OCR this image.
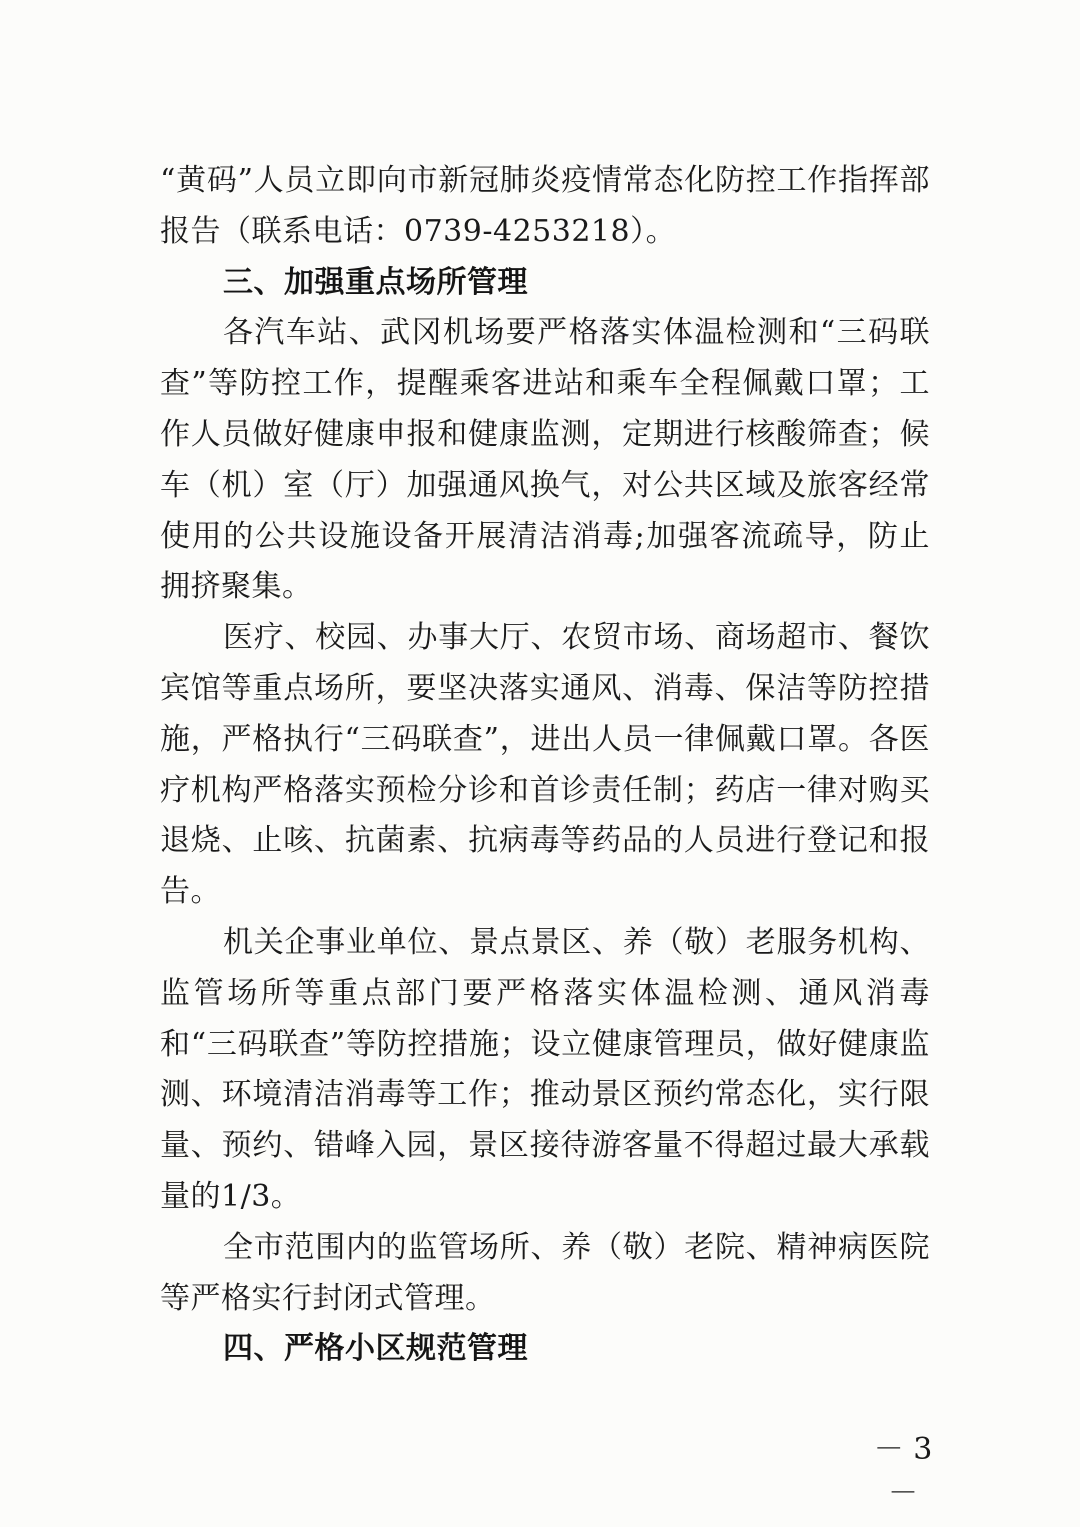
“黄码”人员立即向市新冠肺炎疫情常态化防控工作指挥部报告（联系电话：0739-4253218）。

三、加强重点场所管理

各汽车站、武冈机场要严格落实体温检测和“三码联查”等防控工作，提醒乘客进站和乘车全程佩戴口罩；工作人员做好健康申报和健康监测，定期进行核酸筛查；候车（机）室（厅）加强通风换气，对公共区域及旅客经常使用的公共设施设备开展清洁消毒;加强客流疏导，防止拥挤聚集。

医疗、校园、办事大厅、农贸市场、商场超市、餐饮宾馆等重点场所，要坚决落实通风、消毒、保洁等防控措施，严格执行“三码联查”，进出人员一律佩戴口罩。各医疗机构严格落实预检分诊和首诊责任制；药店一律对购买退烧、止咳、抗菌素、抗病毒等药品的人员进行登记和报告。

机关企事业单位、景点景区、养（敬）老服务机构、监管场所等重点部门要严格落实体温检测、通风消毒和“三码联查”等防控措施；设立健康管理员，做好健康监测、环境清洁消毒等工作；推动景区预约常态化，实行限量、预约、错峰入园，景区接待游客量不得超过最大承载量的1/3。

全市范围内的监管场所、养（敬）老院、精神病医院等严格实行封闭式管理。

四、严格小区规范管理

－ 3 －
